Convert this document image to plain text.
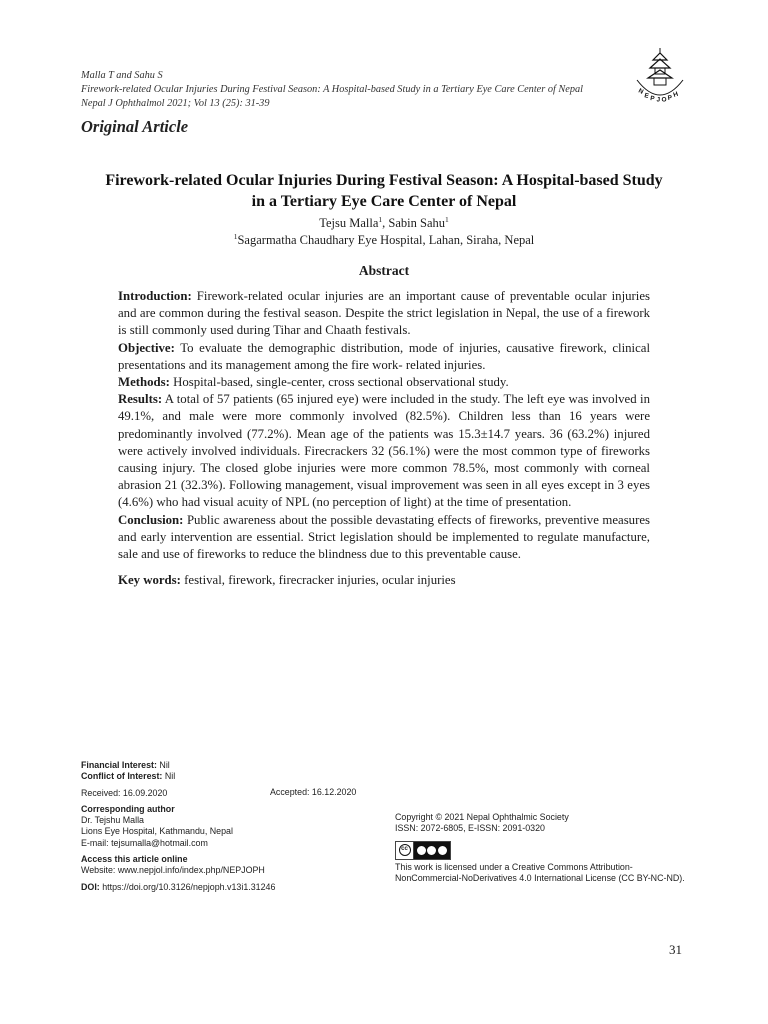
Malla T and Sahu S
Firework-related Ocular Injuries During Festival Season: A Hospital-based Study in a Tertiary Eye Care Center of Nepal
Nepal J Ophthalmol 2021; Vol 13 (25): 31-39
N
E P J O P H
Original Article
Firework-related Ocular Injuries During Festival Season: A Hospital-based Study in a Tertiary Eye Care Center of Nepal
Tejsu Malla$^1$, Sabin Sahu$^1$
$^1$Sagarmatha Chaudhary Eye Hospital, Lahan, Siraha, Nepal
Abstract

Introduction: Firework-related ocular injuries are an important cause of preventable ocular injuries and are common during the festival season. Despite the strict legislation in Nepal, the use of a firework is still commonly used during Tihar and Chaath festivals.

Objective: To evaluate the demographic distribution, mode of injuries, causative firework, clinical presentations and its management among the fire work- related injuries.

Methods: Hospital-based, single-center, cross sectional observational study.

Results: A total of 57 patients (65 injured eye) were included in the study. The left eye was involved in 49.1%, and male were more commonly involved (82.5%). Children less than 16 years were predominantly involved (77.2%). Mean age of the patients was 15.3±14.7 years. 36 (63.2%) injured were actively involved individuals. Firecrackers 32 (56.1%) were the most common type of fireworks causing injury. The closed globe injuries were more common 78.5%, most commonly with corneal abrasion 21 (32.3%). Following management, visual improvement was seen in all eyes except in 3 eyes (4.6%) who had visual acuity of NPL (no perception of light) at the time of presentation.

Conclusion: Public awareness about the possible devastating effects of fireworks, preventive measures and early intervention are essential. Strict legislation should be implemented to regulate manufacture, sale and use of fireworks to reduce the blindness due to this preventable cause.

Key words: festival, firework, firecracker injuries, ocular injuries

Financial Interest: Nil
Conflict of Interest: Nil
Received: 16.09.2020
Corresponding author
Dr. Tejshu Malla
Lions Eye Hospital, Kathmandu, Nepal
E-mail: tejsumalla@hotmail.com
Access this article online
Website: www.nepjol.info/index.php/NEPJOPH
DOI: https://doi.org/10.3126/nepjoph.v13i1.31246
Accepted: 16.12.2020
Copyright © 2021 Nepal Ophthalmic Society
ISSN: 2072-6805, E-ISSN: 2091-0320
cc
This work is licensed under a Creative Commons Attribution-NonCommercial-NoDerivatives 4.0 International License (CC BY-NC-ND).
31
